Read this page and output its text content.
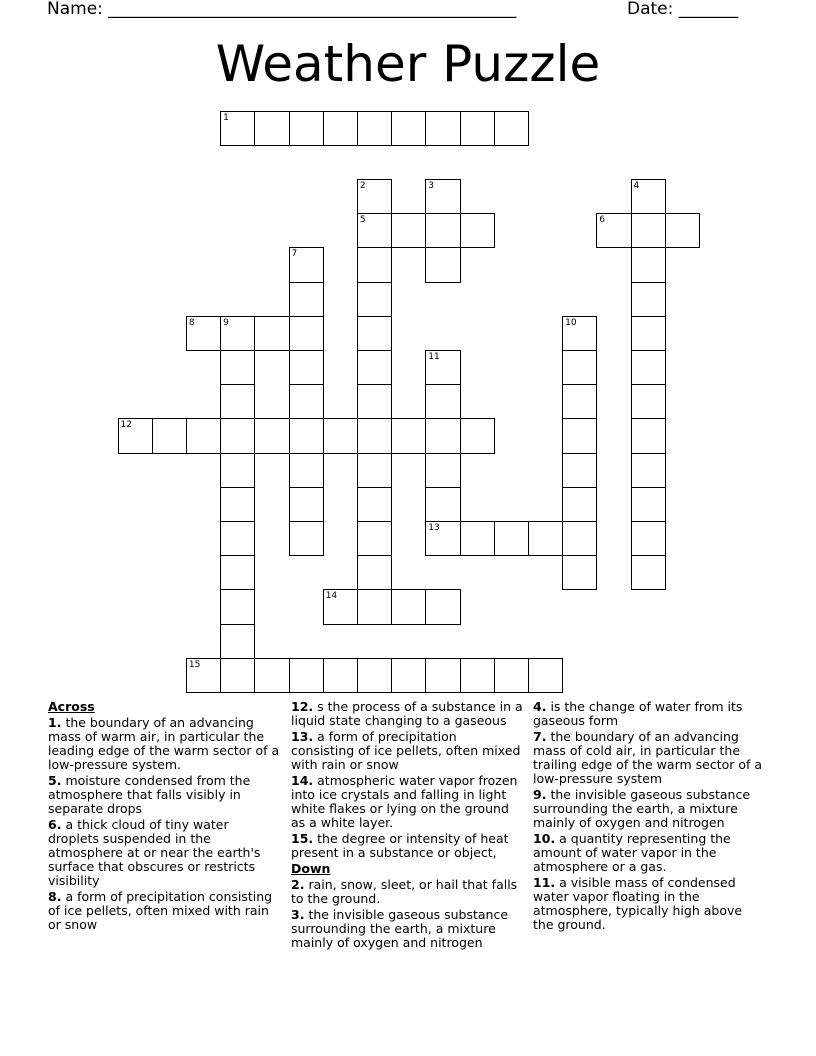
Name: ________________________________________________	Date: _______
Weather Puzzle
1
2
5
3	4
6
7
8	9	10
11
13
12
14
15
Across
1. the boundary of an advancing mass of warm air, in particular the leading edge of the warm sector of a low-pressure system.
5. moisture condensed from the atmosphere that falls visibly in separate drops
6. a thick cloud of tiny water droplets suspended in the atmosphere at or near the earth's surface that obscures or restricts visibility
8. a form of precipitation consisting of ice pellets, often mixed with rain or snow
12. s the process of a substance in a liquid state changing to a gaseous
13. a form of precipitation consisting of ice pellets, often mixed with rain or snow
14. atmospheric water vapor frozen into ice crystals and falling in light white flakes or lying on the ground as a white layer.
15. the degree or intensity of heat present in a substance or object,
Down
2. rain, snow, sleet, or hail that falls to the ground.
3. the invisible gaseous substance surrounding the earth, a mixture mainly of oxygen and nitrogen
4. is the change of water from its gaseous form
7. the boundary of an advancing mass of cold air, in particular the trailing edge of the warm sector of a low-pressure system
9. the invisible gaseous substance surrounding the earth, a mixture mainly of oxygen and nitrogen
10. a quantity representing the amount of water vapor in the atmosphere or a gas.
11. a visible mass of condensed water vapor floating in the atmosphere, typically high above the ground.
